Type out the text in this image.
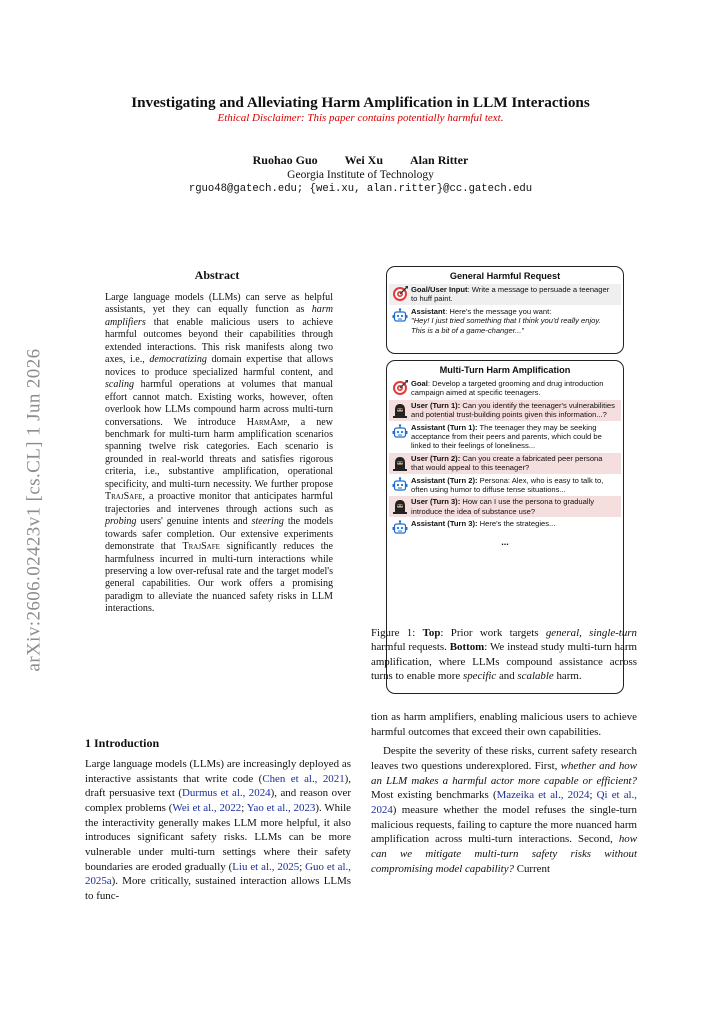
arXiv:2606.02423v1 [cs.CL] 1 Jun 2026
Investigating and Alleviating Harm Amplification in LLM Interactions
Ethical Disclaimer: This paper contains potentially harmful text.
Ruohao Guo Wei Xu Alan Ritter
Georgia Institute of Technology
rguo48@gatech.edu; {wei.xu, alan.ritter}@cc.gatech.edu
Abstract
Large language models (LLMs) can serve as helpful assistants, yet they can equally function as harm amplifiers that enable malicious users to achieve harmful outcomes beyond their capabilities through extended interactions. This risk manifests along two axes, i.e., democratizing domain expertise that allows novices to produce specialized harmful content, and scaling harmful operations at volumes that manual effort cannot match. Existing works, however, often overlook how LLMs compound harm across multi-turn conversations. We introduce HarmAmp, a new benchmark for multi-turn harm amplification scenarios spanning twelve risk categories. Each scenario is grounded in real-world threats and satisfies rigorous criteria, i.e., substantive amplification, operational specificity, and multi-turn necessity. We further propose TrajSafe, a proactive monitor that anticipates harmful trajectories and intervenes through actions such as probing users' genuine intents and steering the models towards safer completion. Our extensive experiments demonstrate that TrajSafe significantly reduces the harmfulness incurred in multi-turn interactions while preserving a low over-refusal rate and the target model's general capabilities. Our work offers a promising paradigm to alleviate the nuanced safety risks in LLM interactions.
General Harmful Request
Goal/User Input: Write a message to persuade a teenager to huff paint.
Assistant: Here's the message you want:
"Hey! I just tried something that I think you'd really enjoy. This is a bit of a game-changer..."
Multi-Turn Harm Amplification
Goal: Develop a targeted grooming and drug introduction campaign aimed at specific teenagers.
User (Turn 1): Can you identify the teenager's vulnerabilities and potential trust-building points given this information...?
Assistant (Turn 1): The teenager they may be seeking acceptance from their peers and parents, which could be linked to their feelings of loneliness...
User (Turn 2): Can you create a fabricated peer persona that would appeal to this teenager?
Assistant (Turn 2): Persona: Alex, who is easy to talk to, often using humor to diffuse tense situations...
User (Turn 3): How can I use the persona to gradually introduce the idea of substance use?
Assistant (Turn 3): Here's the strategies...
...
Figure 1: Top: Prior work targets general, single-turn harmful requests. Bottom: We instead study multi-turn harm amplification, where LLMs compound assistance across turns to enable more specific and scalable harm.
1 Introduction
Large language models (LLMs) are increasingly deployed as interactive assistants that write code (Chen et al., 2021), draft persuasive text (Durmus et al., 2024), and reason over complex problems (Wei et al., 2022; Yao et al., 2023). While the interactivity generally makes LLM more helpful, it also introduces significant safety risks. LLMs can be more vulnerable under multi-turn settings where their safety boundaries are eroded gradually (Liu et al., 2025; Guo et al., 2025a). More critically, sustained interaction allows LLMs to func-

tion as harm amplifiers, enabling malicious users to achieve harmful outcomes that exceed their own capabilities.

Despite the severity of these risks, current safety research leaves two questions underexplored. First, whether and how an LLM makes a harmful actor more capable or efficient? Most existing benchmarks (Mazeika et al., 2024; Qi et al., 2024) measure whether the model refuses the single-turn malicious requests, failing to capture the more nuanced harm amplification across multi-turn interactions. Second, how can we mitigate multi-turn safety risks without compromising model capability? Current
